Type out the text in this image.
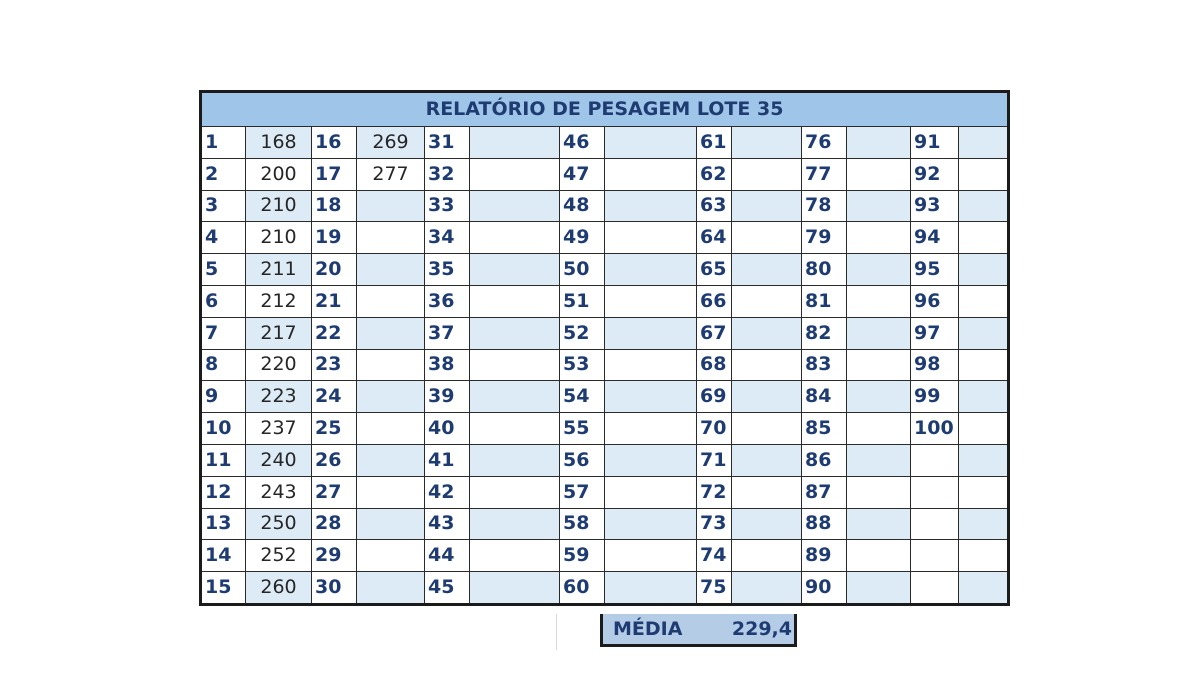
RELATÓRIO DE PESAGEM LOTE 35													
1	168	16	269	31		46		61		76		91	
2	200	17	277	32		47		62		77		92	
3	210	18		33		48		63		78		93	
4	210	19		34		49		64		79		94	
5	211	20		35		50		65		80		95	
6	212	21		36		51		66		81		96	
7	217	22		37		52		67		82		97	
8	220	23		38		53		68		83		98	
9	223	24		39		54		69		84		99	
10	237	25		40		55		70		85		100	
11	240	26		41		56		71		86			
12	243	27		42		57		72		87			
13	250	28		43		58		73		88			
14	252	29		44		59		74		89			
15	260	30		45		60		75		90			
MÉDIA	229,4
